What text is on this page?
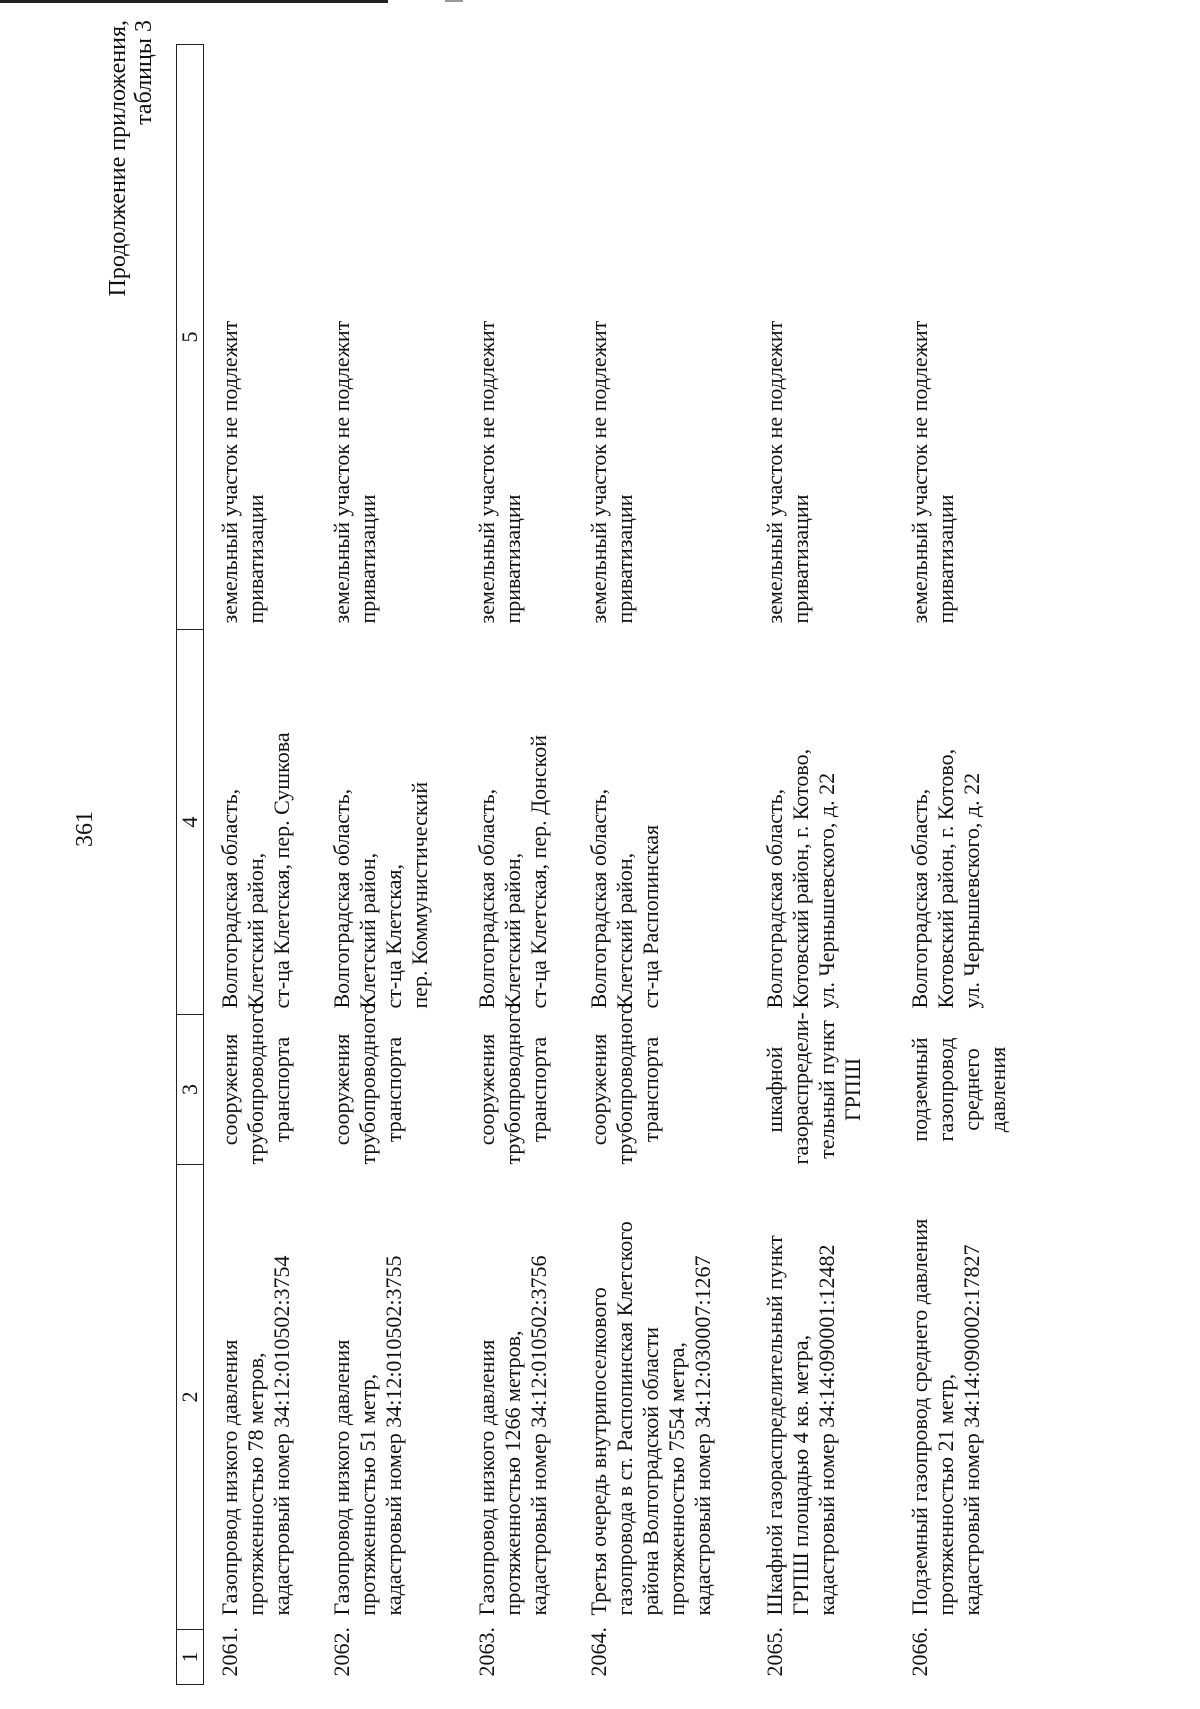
361
Продолжение приложения,
таблицы 3
1	2	3	4	5
2061.	Газопровод низкого давления
протяженностью 78 метров,
кадастровый номер 34:12:010502:3754	сооружения
трубопроводного
транспорта	Волгоградская область,
Клетский район,
ст-ца Клетская, пер. Сушкова	земельный участок не подлежит
приватизации
2062.	Газопровод низкого давления
протяженностью 51 метр,
кадастровый номер 34:12:010502:3755	сооружения
трубопроводного
транспорта	Волгоградская область,
Клетский район,
ст-ца Клетская,
пер. Коммунистический	земельный участок не подлежит
приватизации
2063.	Газопровод низкого давления
протяженностью 1266 метров,
кадастровый номер 34:12:010502:3756	сооружения
трубопроводного
транспорта	Волгоградская область,
Клетский район,
ст-ца Клетская, пер. Донской	земельный участок не подлежит
приватизации
2064.	Третья очередь внутрипоселкового
газопровода в ст. Распопинская Клетского
района Волгоградской области
протяженностью 7554 метра,
кадастровый номер 34:12:030007:1267	сооружения
трубопроводного
транспорта	Волгоградская область,
Клетский район,
ст-ца Распопинская	земельный участок не подлежит
приватизации
2065.	Шкафной газораспределительный пункт
ГРПШ площадью 4 кв. метра,
кадастровый номер 34:14:090001:12482	шкафной
газораспредели-
тельный пункт
ГРПШ	Волгоградская область,
Котовский район, г. Котово,
ул. Чернышевского, д. 22	земельный участок не подлежит
приватизации
2066.	Подземный газопровод среднего давления
протяженностью 21 метр,
кадастровый номер 34:14:090002:17827	подземный
газопровод среднего
давления	Волгоградская область,
Котовский район, г. Котово,
ул. Чернышевского, д. 22	земельный участок не подлежит
приватизации
